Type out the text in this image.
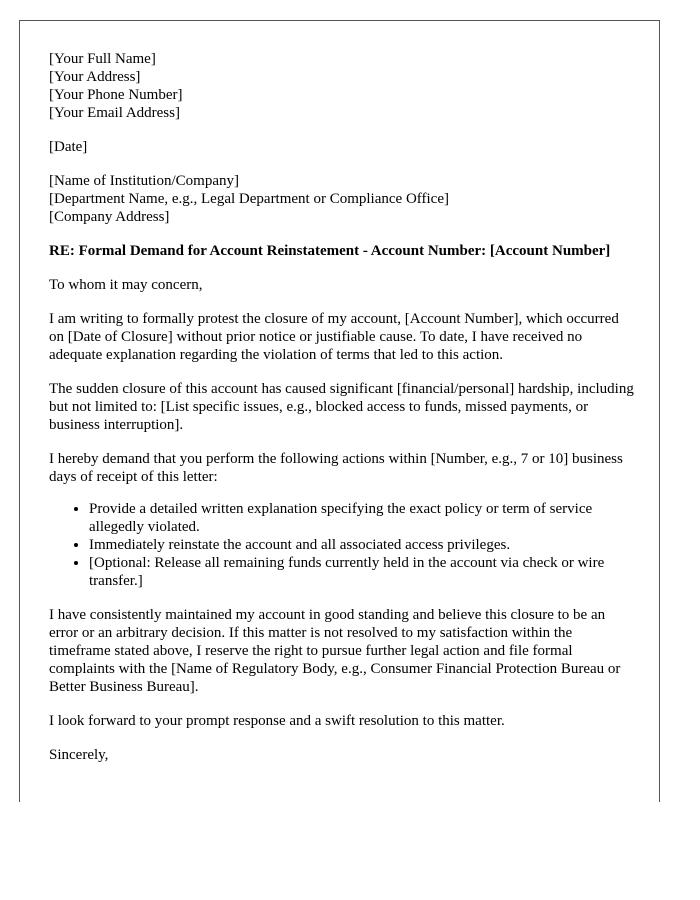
[Your Full Name]
[Your Address]
[Your Phone Number]
[Your Email Address]
[Date]
[Name of Institution/Company]
[Department Name, e.g., Legal Department or Compliance Office]
[Company Address]
RE: Formal Demand for Account Reinstatement - Account Number: [Account Number]

To whom it may concern,

I am writing to formally protest the closure of my account, [Account Number], which occurred on [Date of Closure] without prior notice or justifiable cause. To date, I have received no adequate explanation regarding the violation of terms that led to this action.

The sudden closure of this account has caused significant [financial/personal] hardship, including but not limited to: [List specific issues, e.g., blocked access to funds, missed payments, or business interruption].

I hereby demand that you perform the following actions within [Number, e.g., 7 or 10] business days of receipt of this letter:

• Provide a detailed written explanation specifying the exact policy or term of service allegedly violated.
• Immediately reinstate the account and all associated access privileges.
• [Optional: Release all remaining funds currently held in the account via check or wire transfer.]

I have consistently maintained my account in good standing and believe this closure to be an error or an arbitrary decision. If this matter is not resolved to my satisfaction within the timeframe stated above, I reserve the right to pursue further legal action and file formal complaints with the [Name of Regulatory Body, e.g., Consumer Financial Protection Bureau or Better Business Bureau].

I look forward to your prompt response and a swift resolution to this matter.

Sincerely,
